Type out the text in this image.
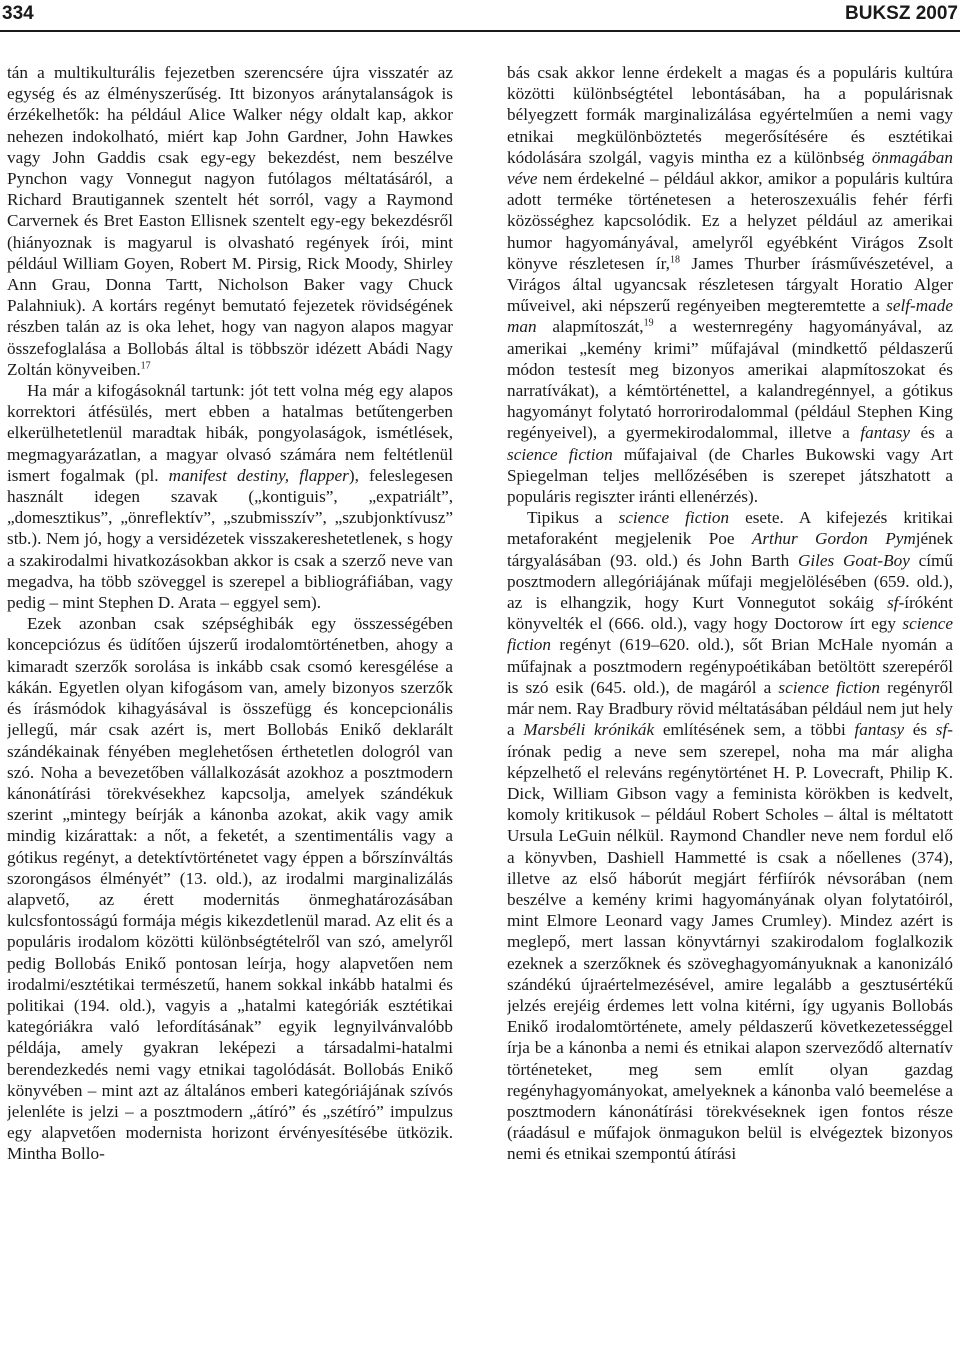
334	BUKSZ 2007

tán a multikulturális fejezetben szerencsére újra visszatér az egység és az élményszerűség. Itt bizonyos aránytalanságok is érzékelhetők: ha például Alice Walker négy oldalt kap, akkor nehezen indokolható, miért kap John Gardner, John Hawkes vagy John Gaddis csak egy-egy bekezdést, nem beszélve Pynchon vagy Vonnegut nagyon futólagos méltatásáról, a Richard Brautigannek szentelt hét sorról, vagy a Raymond Carvernek és Bret Easton Ellisnek szentelt egy-egy bekezdésről (hiányoznak is magyarul is olvasható regények írói, mint például William Goyen, Robert M. Pirsig, Rick Moody, Shirley Ann Grau, Donna Tartt, Nicholson Baker vagy Chuck Palahniuk). A kortárs regényt bemutató fejezetek rövidségének részben talán az is oka lehet, hogy van nagyon alapos magyar összefoglalása a Bollobás által is többször idézett Abádi Nagy Zoltán könyveiben.$^{17}$

Ha már a kifogásoknál tartunk: jót tett volna még egy alapos korrektori átfésülés, mert ebben a hatalmas betűtengerben elkerülhetetlenül maradtak hibák, pongyolaságok, ismétlések, megmagyarázatlan, a magyar olvasó számára nem feltétlenül ismert fogalmak (pl. manifest destiny, flapper), feleslegesen használt idegen szavak („kontiguis”, „expatriált”, „domesztikus”, „önreflektív”, „szubmisszív”, „szubjonktívusz” stb.). Nem jó, hogy a versidézetek visszakereshetetlenek, s hogy a szakirodalmi hivatkozásokban akkor is csak a szerző neve van megadva, ha több szöveggel is szerepel a bibliográfiában, vagy pedig – mint Stephen D. Arata – eggyel sem).

Ezek azonban csak szépséghibák egy összességében koncepciózus és üdítően újszerű irodalomtörténetben, ahogy a kimaradt szerzők sorolása is inkább csak csomó keresgélése a kákán. Egyetlen olyan kifogásom van, amely bizonyos szerzők és írásmódok kihagyásával is összefügg és koncepcionális jellegű, már csak azért is, mert Bollobás Enikő deklarált szándékainak fényében meglehetősen érthetetlen dologról van szó. Noha a bevezetőben vállalkozását azokhoz a posztmodern kánonátírási törekvésekhez kapcsolja, amelyek szándékuk szerint „mintegy beírják a kánonba azokat, akik vagy amik mindig kizárattak: a nőt, a feketét, a szentimentális vagy a gótikus regényt, a detektívtörténetet vagy éppen a bőrszínváltás szorongásos élményét” (13. old.), az irodalmi marginalizálás alapvető, az érett modernitás önmeghatározásában kulcsfontosságú formája mégis kikezdetlenül marad. Az elit és a populáris irodalom közötti különbségtételről van szó, amelyről pedig Bollobás Enikő pontosan leírja, hogy alapvetően nem irodalmi/esztétikai természetű, hanem sokkal inkább hatalmi és politikai (194. old.), vagyis a „hatalmi kategóriák esztétikai kategóriákra való lefordításának” egyik legnyilvánvalóbb példája, amely gyakran leképezi a társadalmi-hatalmi berendezkedés nemi vagy etnikai tagolódását. Bollobás Enikő könyvében – mint azt az általános emberi kategóriájának szívós jelenléte is jelzi – a posztmodern „átíró” és „szétíró” impulzus egy alapvetően modernista horizont érvényesítésébe ütközik. Mintha Bollo-

bás csak akkor lenne érdekelt a magas és a populáris kultúra közötti különbségtétel lebontásában, ha a populárisnak bélyegzett formák marginalizálása egyértelműen a nemi vagy etnikai megkülönböztetés megerősítésére és esztétikai kódolására szolgál, vagyis mintha ez a különbség önmagában véve nem érdekelné – például akkor, amikor a populáris kultúra adott terméke történetesen a heteroszexuális fehér férfi közösséghez kapcsolódik. Ez a helyzet például az amerikai humor hagyományával, amelyről egyébként Virágos Zsolt könyve részletesen ír,$^{18}$ James Thurber írásművészetével, a Virágos által ugyancsak részletesen tárgyalt Horatio Alger műveivel, aki népszerű regényeiben megteremtette a self-made man alapmítoszát,$^{19}$ a westernregény hagyományával, az amerikai „kemény krimi” műfajával (mindkettő példaszerű módon testesít meg bizonyos amerikai alapmítoszokat és narratívákat), a kémtörténettel, a kalandregénnyel, a gótikus hagyományt folytató horrorirodalommal (például Stephen King regényeivel), a gyermekirodalommal, illetve a fantasy és a science fiction műfajaival (de Charles Bukowski vagy Art Spiegelman teljes mellőzésében is szerepet játszhatott a populáris regiszter iránti ellenérzés).

Tipikus a science fiction esete. A kifejezés kritikai metaforaként megjelenik Poe Arthur Gordon Pymjének tárgyalásában (93. old.) és John Barth Giles Goat-Boy című posztmodern allegóriájának műfaji megjelölésében (659. old.), az is elhangzik, hogy Kurt Vonnegutot sokáig sf-íróként könyvelték el (666. old.), vagy hogy Doctorow írt egy science fiction regényt (619–620. old.), sőt Brian McHale nyomán a műfajnak a posztmodern regénypoétikában betöltött szerepéről is szó esik (645. old.), de magáról a science fiction regényről már nem. Ray Bradbury rövid méltatásában például nem jut hely a Marsbéli krónikák említésének sem, a többi fantasy és sf-írónak pedig a neve sem szerepel, noha ma már aligha képzelhető el releváns regénytörténet H. P. Lovecraft, Philip K. Dick, William Gibson vagy a feminista körökben is kedvelt, komoly kritikusok – például Robert Scholes – által is méltatott Ursula LeGuin nélkül. Raymond Chandler neve nem fordul elő a könyvben, Dashiell Hammetté is csak a nőellenes (374), illetve az első háborút megjárt férfiírók névsorában (nem beszélve a kemény krimi hagyományának olyan folytatóiról, mint Elmore Leonard vagy James Crumley). Mindez azért is meglepő, mert lassan könyvtárnyi szakirodalom foglalkozik ezeknek a szerzőknek és szöveghagyományuknak a kanonizáló szándékú újraértelmezésével, amire legalább a gesztusértékű jelzés erejéig érdemes lett volna kitérni, így ugyanis Bollobás Enikő irodalomtörténete, amely példaszerű következetességgel írja be a kánonba a nemi és etnikai alapon szerveződő alternatív történeteket, meg sem említ olyan gazdag regényhagyományokat, amelyeknek a kánonba való beemelése a posztmodern kánonátírási törekvéseknek igen fontos része (ráadásul e műfajok önmagukon belül is elvégeztek bizonyos nemi és etnikai szempontú átírási
